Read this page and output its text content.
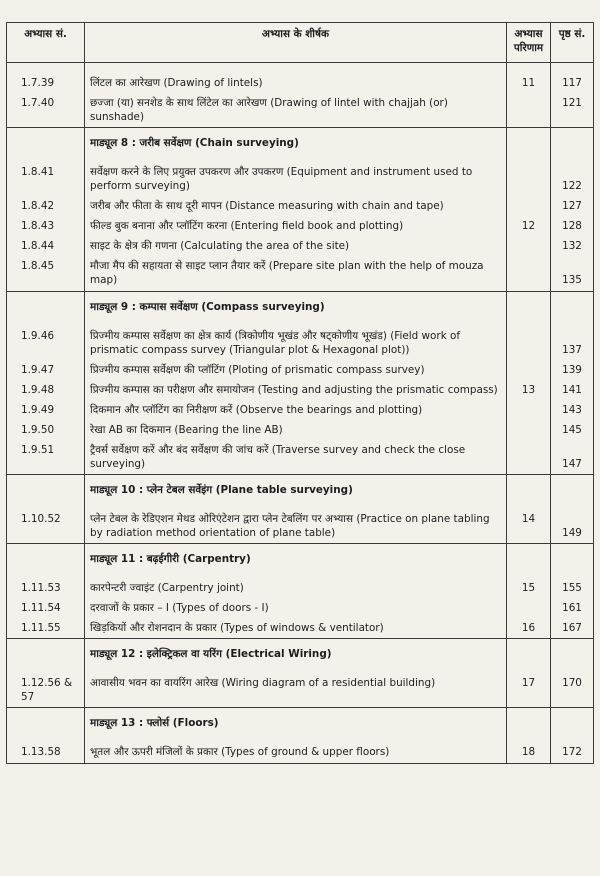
अभ्यास सं.	अभ्यास के शीर्षक	अभ्यास
परिणाम	पृष्ठ सं.

1.7.39	लिंटल का आरेखण (Drawing of lintels)	11	117
1.7.40	छज्जा (या) सनशेड के साथ लिंटेल का आरेखण (Drawing of lintel with chajjah (or) sunshade)		121
	माड्यूल 8 : जरीब सर्वेक्षण (Chain surveying)		
1.8.41	सर्वेक्षण करने के लिए प्रयुक्त उपकरण और उपकरण (Equipment and instrument used to perform surveying)		122
1.8.42	जरीब और फीता के साथ दूरी मापन (Distance measuring with chain and tape)		127
1.8.43	फील्ड बुक बनाना और प्लॉटिंग करना (Entering field book and plotting)	12	128
1.8.44	साइट के क्षेत्र की गणना (Calculating the area of the site)		132
1.8.45	मौजा मैप की सहायता से साइट प्लान तैयार करें (Prepare site plan with the help of mouza map)		135
	माड्यूल 9 : कम्पास सर्वेक्षण (Compass surveying)		
1.9.46	प्रिज्मीय कम्पास सर्वेक्षण का क्षेत्र कार्य (त्रिकोणीय भूखंड और षट्कोणीय भूखंड) (Field work of prismatic compass survey (Triangular plot & Hexagonal plot))		137
1.9.47	प्रिज्मीय कम्पास सर्वेक्षण की प्लॉटिंग (Ploting of prismatic compass survey)		139
1.9.48	प्रिज्मीय कम्पास का परीक्षण और समायोजन (Testing and adjusting the prismatic compass)	13	141
1.9.49	दिकमान और प्लॉटिंग का निरीक्षण करें (Observe the bearings and plotting)		143
1.9.50	रेखा AB का दिकमान (Bearing the line AB)		145
1.9.51	ट्रैवर्स सर्वेक्षण करें और बंद सर्वेक्षण की जांच करें (Traverse survey and check the close surveying)		147
	माड्यूल 10 : प्लेन टेबल सर्वेइंग (Plane table surveying)		
1.10.52	प्लेन टेबल के रेडिएशन मेथड ओरिएंटेशन द्वारा प्लेन टेबलिंग पर अभ्यास (Practice on plane tabling by radiation method orientation of plane table)	14	149
	माड्यूल 11 : बढ़ईगीरी (Carpentry)		
1.11.53	कारपेन्टरी ज्वाइंट (Carpentry joint)	15	155
1.11.54	दरवाजों के प्रकार – I (Types of doors - I)		161
1.11.55	खिड़कियों और रोशनदान के प्रकार (Types of windows & ventilator)	16	167
	माड्यूल 12 : इलेक्ट्रिकल वा यरिंग (Electrical Wiring)		
1.12.56 & 57	आवासीय भवन का वायरिंग आरेख (Wiring diagram of a residential building)	17	170
	माड्यूल 13 : फ्लोर्स (Floors)		
1.13.58	भूतल और ऊपरी मंजिलों के प्रकार (Types of ground & upper floors)	18	172
